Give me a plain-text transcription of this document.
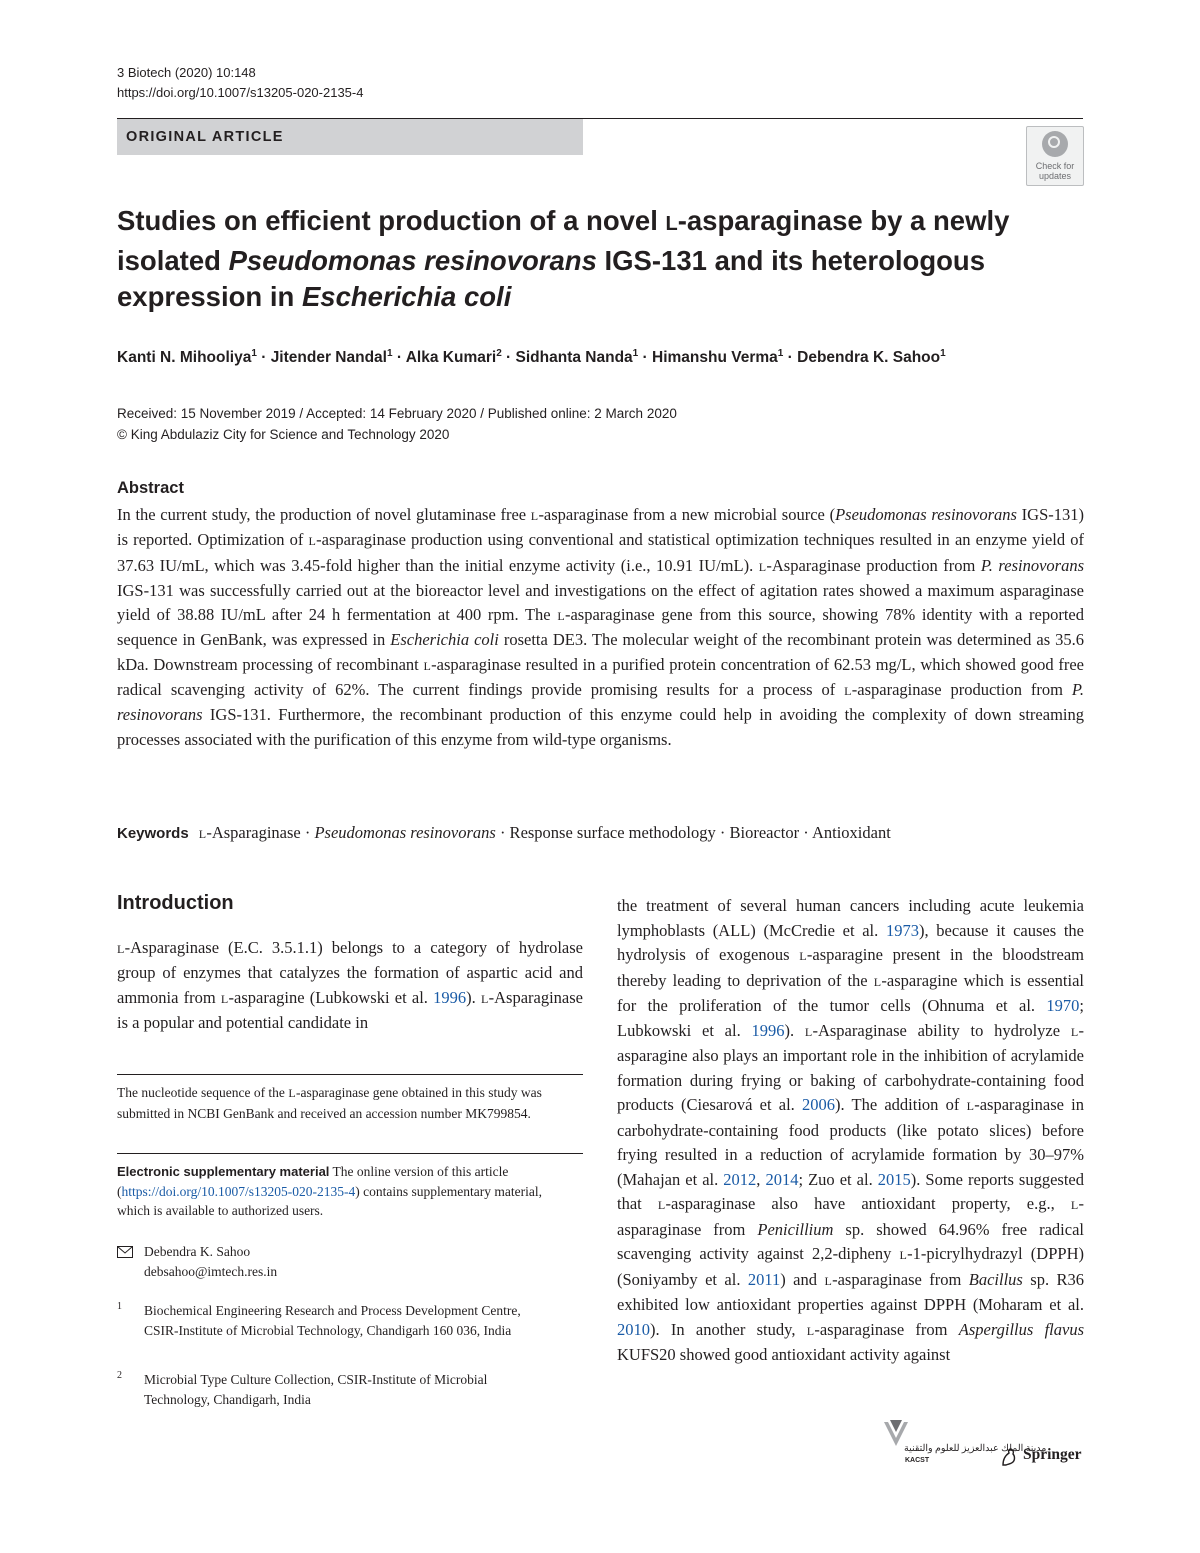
3 Biotech (2020) 10:148
https://doi.org/10.1007/s13205-020-2135-4
ORIGINAL ARTICLE
Check for updates
Studies on efficient production of a novel L-asparaginase by a newly isolated Pseudomonas resinovorans IGS-131 and its heterologous expression in Escherichia coli
Kanti N. Mihooliya$^1$ · Jitender Nandal$^1$ · Alka Kumari$^2$ · Sidhanta Nanda$^1$ · Himanshu Verma$^1$ · Debendra K. Sahoo$^1$
Received: 15 November 2019 / Accepted: 14 February 2020 / Published online: 2 March 2020
© King Abdulaziz City for Science and Technology 2020
Abstract
In the current study, the production of novel glutaminase free L-asparaginase from a new microbial source (Pseudomonas resinovorans IGS-131) is reported. Optimization of L-asparaginase production using conventional and statistical optimization techniques resulted in an enzyme yield of 37.63 IU/mL, which was 3.45-fold higher than the initial enzyme activity (i.e., 10.91 IU/mL). L-Asparaginase production from P. resinovorans IGS-131 was successfully carried out at the bioreactor level and investigations on the effect of agitation rates showed a maximum asparaginase yield of 38.88 IU/mL after 24 h fermentation at 400 rpm. The L-asparaginase gene from this source, showing 78% identity with a reported sequence in GenBank, was expressed in Escherichia coli rosetta DE3. The molecular weight of the recombinant protein was determined as 35.6 kDa. Downstream processing of recombinant L-asparaginase resulted in a purified protein concentration of 62.53 mg/L, which showed good free radical scavenging activity of 62%. The current findings provide promising results for a process of L-asparaginase production from P. resinovorans IGS-131. Furthermore, the recombinant production of this enzyme could help in avoiding the complexity of down streaming processes associated with the purification of this enzyme from wild-type organisms.
Keywords L-Asparaginase · Pseudomonas resinovorans · Response surface methodology · Bioreactor · Antioxidant
Introduction
L-Asparaginase (E.C. 3.5.1.1) belongs to a category of hydrolase group of enzymes that catalyzes the formation of aspartic acid and ammonia from L-asparagine (Lubkowski et al. 1996). L-Asparaginase is a popular and potential candidate in
the treatment of several human cancers including acute leukemia lymphoblasts (ALL) (McCredie et al. 1973), because it causes the hydrolysis of exogenous L-asparagine present in the bloodstream thereby leading to deprivation of the L-asparagine which is essential for the proliferation of the tumor cells (Ohnuma et al. 1970; Lubkowski et al. 1996). L-Asparaginase ability to hydrolyze L-asparagine also plays an important role in the inhibition of acrylamide formation during frying or baking of carbohydrate-containing food products (Ciesarová et al. 2006). The addition of L-asparaginase in carbohydrate-containing food products (like potato slices) before frying resulted in a reduction of acrylamide formation by 30–97% (Mahajan et al. 2012, 2014; Zuo et al. 2015). Some reports suggested that L-asparaginase also have antioxidant property, e.g., L-asparaginase from Penicillium sp. showed 64.96% free radical scavenging activity against 2,2-dipheny L-1-picrylhydrazyl (DPPH) (Soniyamby et al. 2011) and L-asparaginase from Bacillus sp. R36 exhibited low antioxidant properties against DPPH (Moharam et al. 2010). In another study, L-asparaginase from Aspergillus flavus KUFS20 showed good antioxidant activity against
The nucleotide sequence of the L-asparaginase gene obtained in this study was submitted in NCBI GenBank and received an accession number MK799854.
Electronic supplementary material The online version of this article (https://doi.org/10.1007/s13205-020-2135-4) contains supplementary material, which is available to authorized users.
Debendra K. Sahoo
debsahoo@imtech.res.in
1 Biochemical Engineering Research and Process Development Centre, CSIR-Institute of Microbial Technology, Chandigarh 160 036, India
2 Microbial Type Culture Collection, CSIR-Institute of Microbial Technology, Chandigarh, India
مدينة الملك عبدالعزيز للعلوم والتقنية
KACST	Springer
